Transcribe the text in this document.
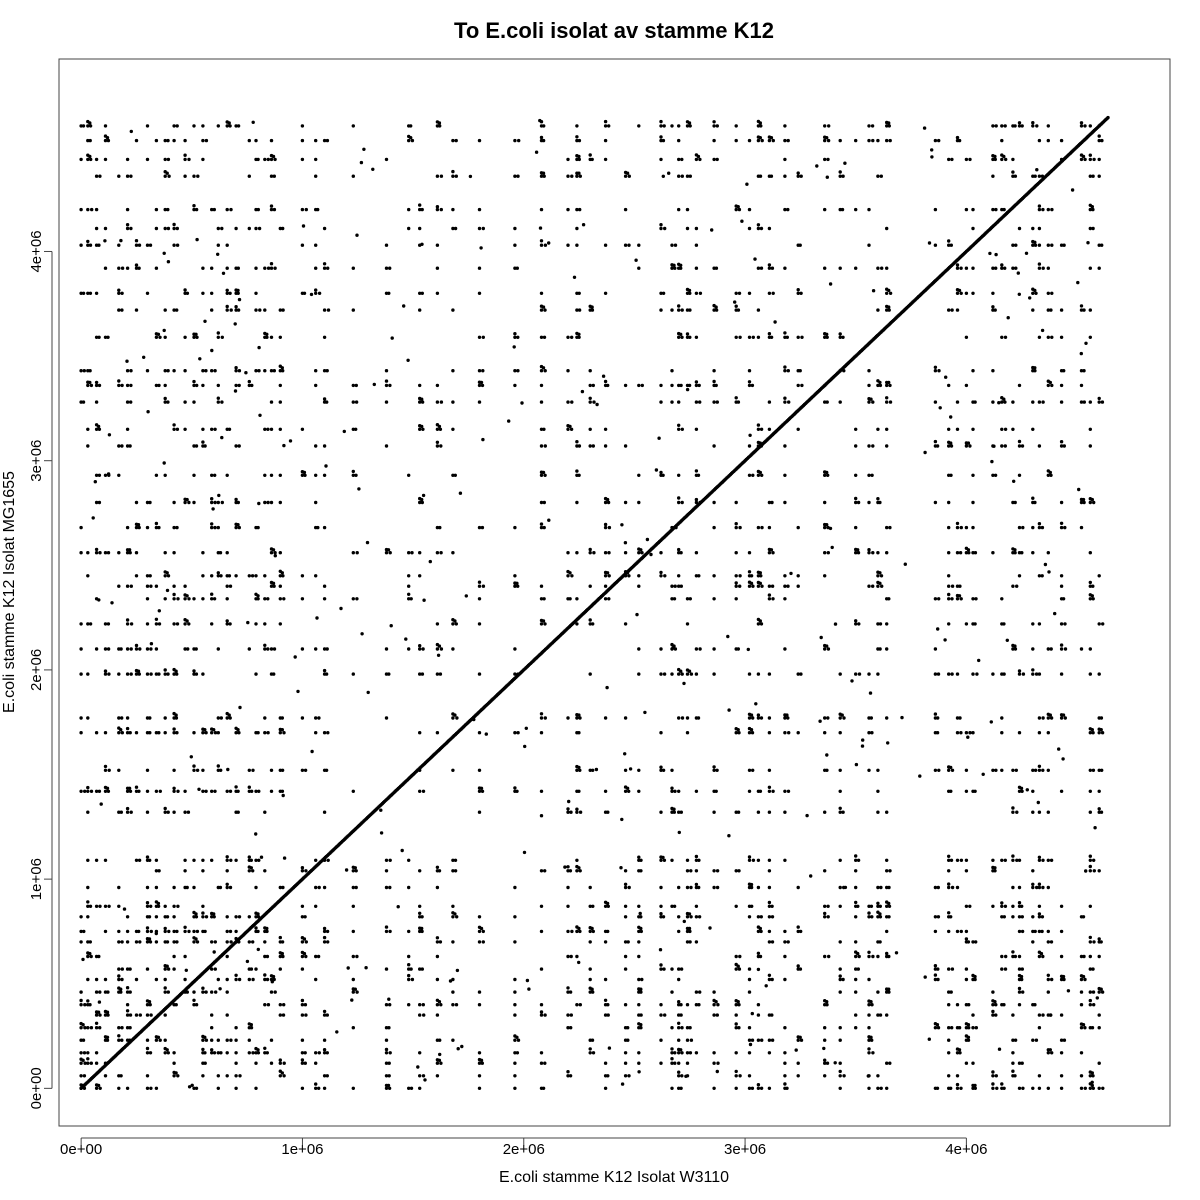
To E.coli isolat av stamme K12
0e+00	1e+06	2e+06	3e+06	4e+06
0e+00
1e+06
2e+06
3e+06
4e+06
E.coli stamme K12 Isolat W3110
E.coli stamme K12 Isolat MG1655
